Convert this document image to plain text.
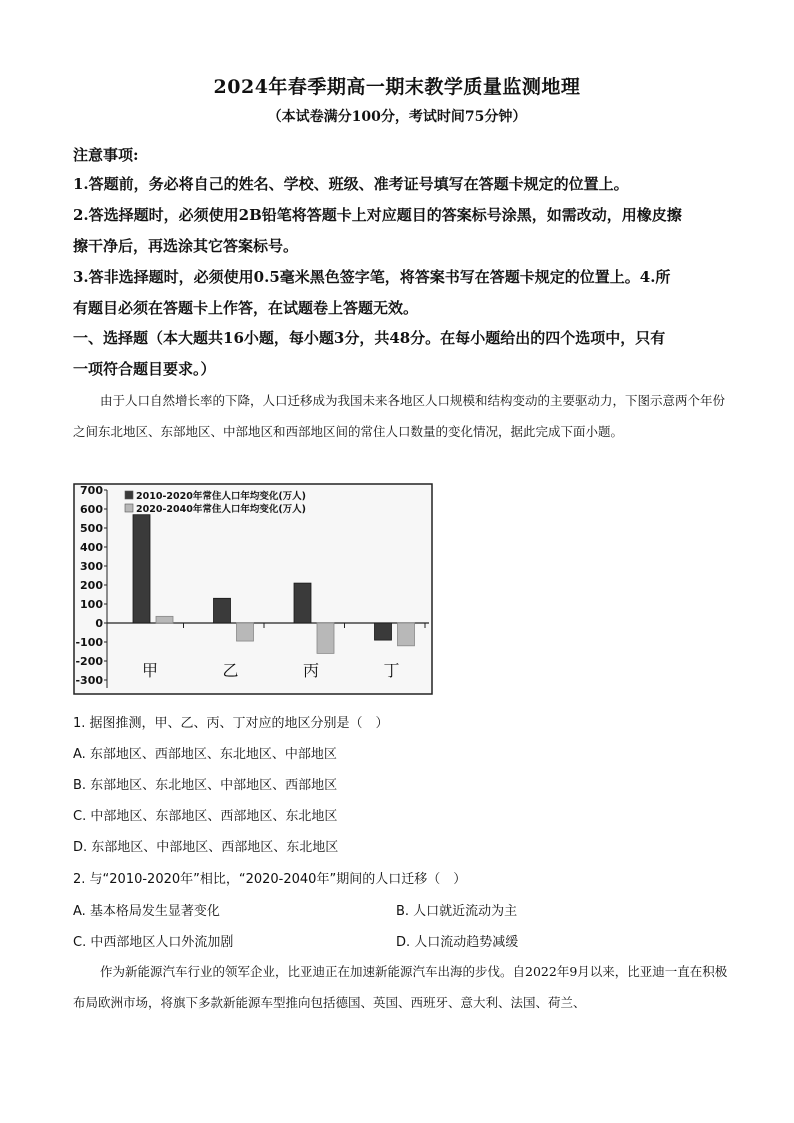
2024年春季期高一期末教学质量监测地理
（本试卷满分100分，考试时间75分钟）
注意事项:
1.答题前，务必将自己的姓名、学校、班级、准考证号填写在答题卡规定的位置上。
2.答选择题时，必须使用2B铅笔将答题卡上对应题目的答案标号涂黑，如需改动，用橡皮擦
擦干净后，再选涂其它答案标号。
3.答非选择题时，必须使用0.5毫米黑色签字笔，将答案书写在答题卡规定的位置上。4.所
有题目必须在答题卡上作答，在试题卷上答题无效。
一、选择题（本大题共16小题，每小题3分，共48分。在每小题给出的四个选项中，只有
一项符合题目要求。）
由于人口自然增长率的下降，人口迁移成为我国未来各地区人口规模和结构变动的主要驱动力，下图示意两个年份之间东北地区、东部地区、中部地区和西部地区间的常住人口数量的变化情况，据此完成下面小题。
700
600
500
400
300
200
100
0
-100
-200
-300
甲	乙	丙	丁
2010-2020年常住人口年均变化(万人)
2020-2040年常住人口年均变化(万人)
1. 据图推测，甲、乙、丙、丁对应的地区分别是（　）
A. 东部地区、西部地区、东北地区、中部地区
B. 东部地区、东北地区、中部地区、西部地区
C. 中部地区、东部地区、西部地区、东北地区
D. 东部地区、中部地区、西部地区、东北地区
2. 与“2010-2020年”相比，“2020-2040年”期间的人口迁移（　）
A. 基本格局发生显著变化	B. 人口就近流动为主
C. 中西部地区人口外流加剧	D. 人口流动趋势减缓
作为新能源汽车行业的领军企业，比亚迪正在加速新能源汽车出海的步伐。自2022年9月以来，比亚迪一直在积极布局欧洲市场，将旗下多款新能源车型推向包括德国、英国、西班牙、意大利、法国、荷兰、
